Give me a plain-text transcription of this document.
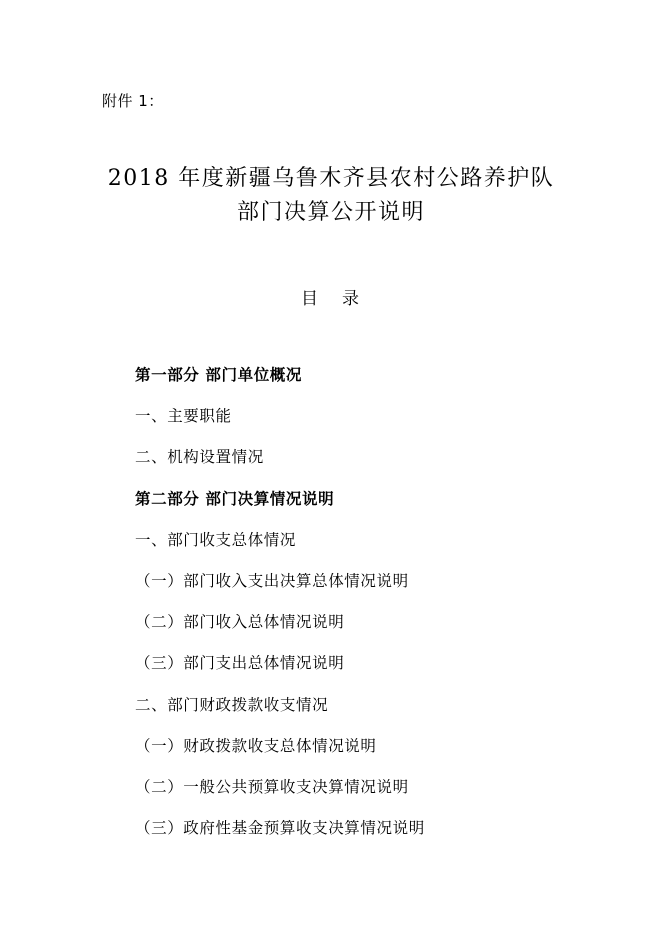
附件 1：
2018 年度新疆乌鲁木齐县农村公路养护队
部门决算公开说明
目 录
第一部分 部门单位概况
一、主要职能
二、机构设置情况
第二部分 部门决算情况说明
一、部门收支总体情况
（一）部门收入支出决算总体情况说明
（二）部门收入总体情况说明
（三）部门支出总体情况说明
二、部门财政拨款收支情况
（一）财政拨款收支总体情况说明
（二）一般公共预算收支决算情况说明
（三）政府性基金预算收支决算情况说明
